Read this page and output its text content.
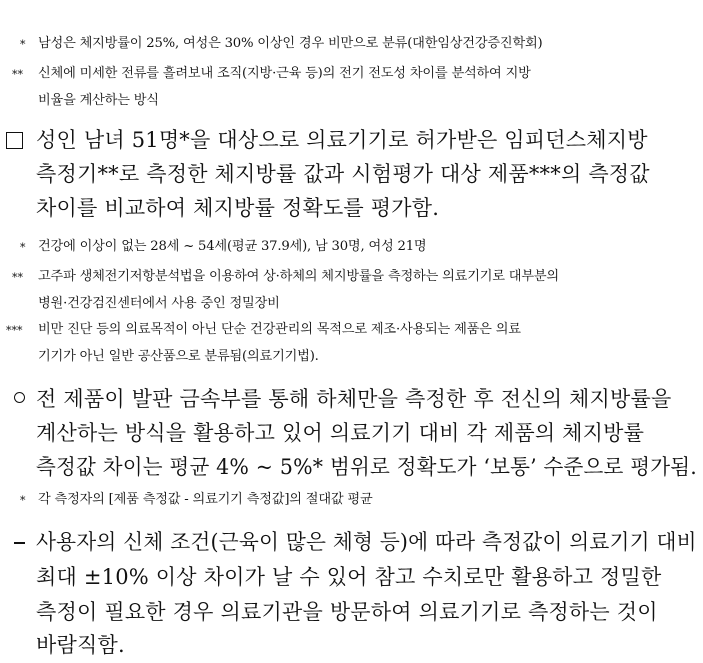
* 남성은 체지방률이 25%, 여성은 30% 이상인 경우 비만으로 분류(대한임상건강증진학회)
** 신체에 미세한 전류를 흘려보내 조직(지방·근육 등)의 전기 전도성 차이를 분석하여 지방
비율을 계산하는 방식
성인 남녀 51명*을 대상으로 의료기기로 허가받은 임피던스체지방
측정기**로 측정한 체지방률 값과 시험평가 대상 제품***의 측정값
차이를 비교하여 체지방률 정확도를 평가함.
* 건강에 이상이 없는 28세 ~ 54세(평균 37.9세), 남 30명, 여성 21명
** 고주파 생체전기저항분석법을 이용하여 상·하체의 체지방률을 측정하는 의료기기로 대부분의
병원·건강검진센터에서 사용 중인 정밀장비
*** 비만 진단 등의 의료목적이 아닌 단순 건강관리의 목적으로 제조·사용되는 제품은 의료
기기가 아닌 일반 공산품으로 분류됨(의료기기법).
전 제품이 발판 금속부를 통해 하체만을 측정한 후 전신의 체지방률을
계산하는 방식을 활용하고 있어 의료기기 대비 각 제품의 체지방률
측정값 차이는 평균 4% ~ 5%* 범위로 정확도가 ‘보통’ 수준으로 평가됨.
* 각 측정자의 [제품 측정값 - 의료기기 측정값]의 절대값 평균
사용자의 신체 조건(근육이 많은 체형 등)에 따라 측정값이 의료기기 대비
최대 ±10% 이상 차이가 날 수 있어 참고 수치로만 활용하고 정밀한
측정이 필요한 경우 의료기관을 방문하여 의료기기로 측정하는 것이
바람직함.
